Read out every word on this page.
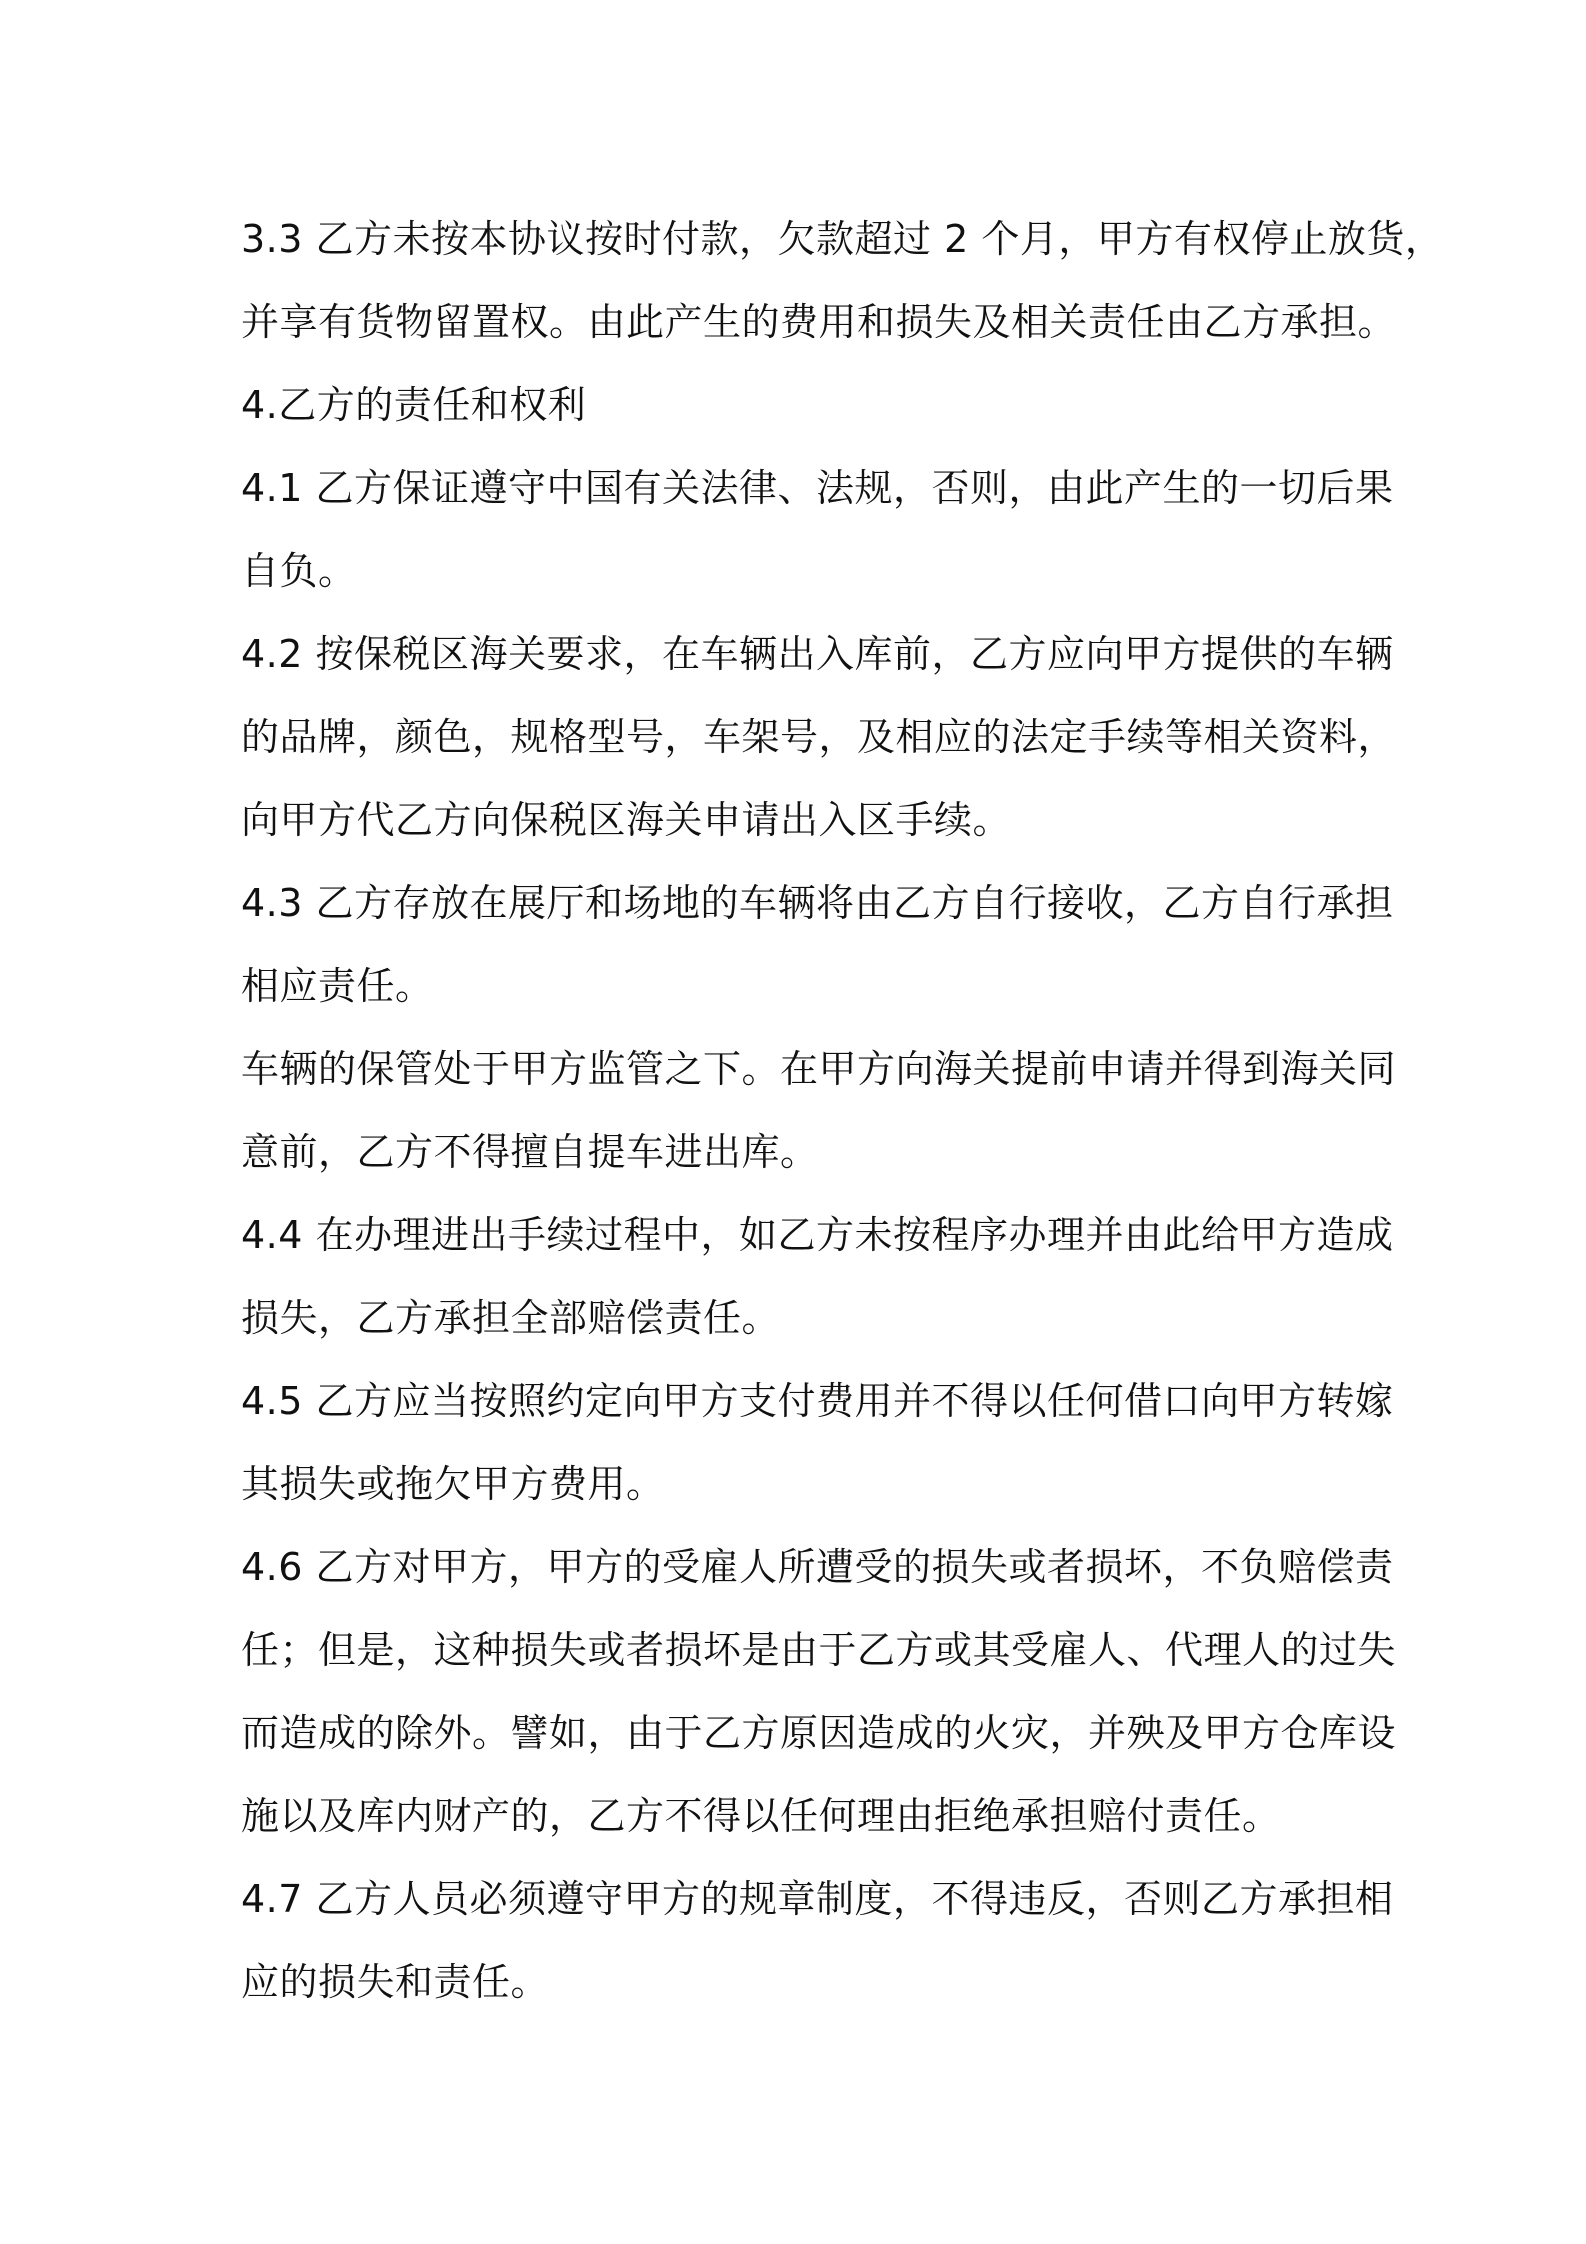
3.3 乙方未按本协议按时付款，欠款超过 2 个月，甲方有权停止放货，
并享有货物留置权。由此产生的费用和损失及相关责任由乙方承担。
4.乙方的责任和权利
4.1 乙方保证遵守中国有关法律、法规，否则，由此产生的一切后果
自负。
4.2 按保税区海关要求，在车辆出入库前，乙方应向甲方提供的车辆
的品牌，颜色，规格型号，车架号，及相应的法定手续等相关资料，
向甲方代乙方向保税区海关申请出入区手续。
4.3 乙方存放在展厅和场地的车辆将由乙方自行接收，乙方自行承担
相应责任。
车辆的保管处于甲方监管之下。在甲方向海关提前申请并得到海关同
意前，乙方不得擅自提车进出库。
4.4 在办理进出手续过程中，如乙方未按程序办理并由此给甲方造成
损失，乙方承担全部赔偿责任。
4.5 乙方应当按照约定向甲方支付费用并不得以任何借口向甲方转嫁
其损失或拖欠甲方费用。
4.6 乙方对甲方，甲方的受雇人所遭受的损失或者损坏，不负赔偿责
任；但是，这种损失或者损坏是由于乙方或其受雇人、代理人的过失
而造成的除外。譬如，由于乙方原因造成的火灾，并殃及甲方仓库设
施以及库内财产的，乙方不得以任何理由拒绝承担赔付责任。
4.7 乙方人员必须遵守甲方的规章制度，不得违反，否则乙方承担相
应的损失和责任。
